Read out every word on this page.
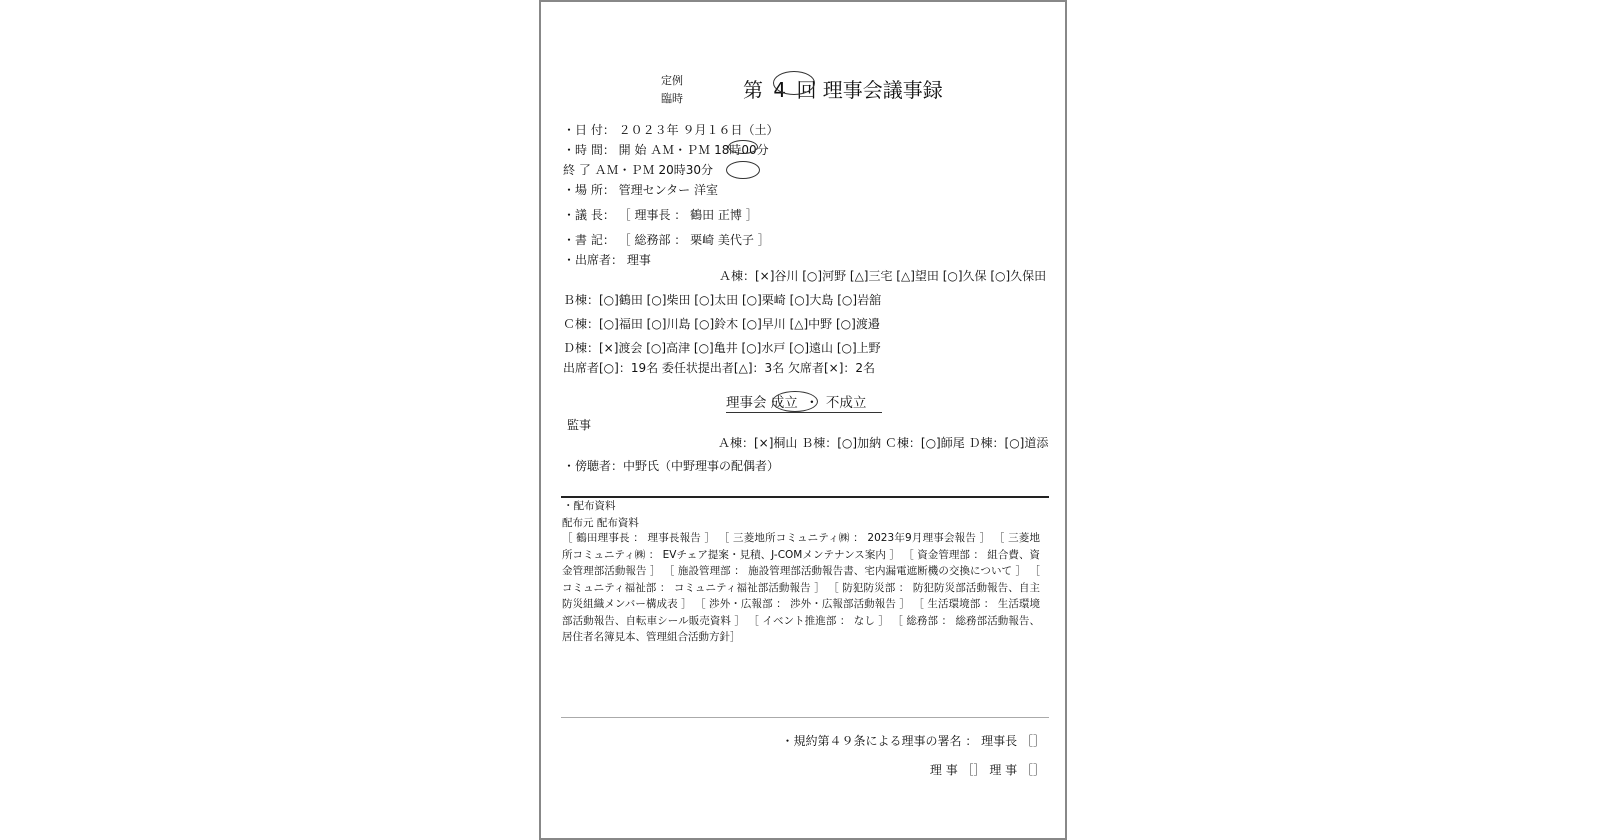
定例
臨時	第 4 回 理事会議事録
・日 付： ２０２３年 ９月１６日（土）
・時 間： 開 始 ＡＭ・ＰＭ 18時00分
終 了 ＡＭ・ＰＭ 20時30分
・場 所： 管理センター 洋室
・議 長： ［ 理事長 ： 鶴田 正博 ］
・書 記： ［ 総務部 ： 栗崎 美代子 ］
・出席者： 理事
Ａ棟：[×]谷川 [○]河野 [△]三宅 [△]望田 [○]久保 [○]久保田
Ｂ棟：[○]鶴田 [○]柴田 [○]太田 [○]栗崎 [○]大島 [○]岩舘
Ｃ棟：[○]福田 [○]川島 [○]鈴木 [○]早川 [△]中野 [○]渡邉
Ｄ棟：[×]渡会 [○]高津 [○]亀井 [○]水戸 [○]遠山 [○]上野
出席者[○]：19名 委任状提出者[△]：3名 欠席者[×]：2名
理事会 成立 ・ 不成立
監事
Ａ棟：[×]桐山 Ｂ棟：[○]加納 Ｃ棟：[○]師尾 Ｄ棟：[○]道添
・傍聴者：中野氏（中野理事の配偶者）
・配布資料
配布元 配布資料
［ 鶴田理事長 ： 理事長報告 ］ ［ 三菱地所コミュニティ㈱ ： 2023年9月理事会報告 ］ ［ 三菱地所コミュニティ㈱ ： EVチェア提案・見積、J-COMメンテナンス案内 ］ ［ 資金管理部 ： 組合費、資金管理部活動報告 ］ ［ 施設管理部 ： 施設管理部活動報告書、宅内漏電遮断機の交換について ］ ［ コミュニティ福祉部 ： コミュニティ福祉部活動報告 ］ ［ 防犯防災部 ： 防犯防災部活動報告、自主防災組織メンバー構成表 ］ ［ 渉外・広報部 ： 渉外・広報部活動報告 ］ ［ 生活環境部 ： 生活環境部活動報告、自転車シール販売資料 ］ ［ イベント推進部 ： なし ］ ［ 総務部 ： 総務部活動報告、居住者名簿見本、管理組合活動方針］
・規約第４９条による理事の署名 ： 理事長 ［］
理 事 ［］ 理 事 ［］
